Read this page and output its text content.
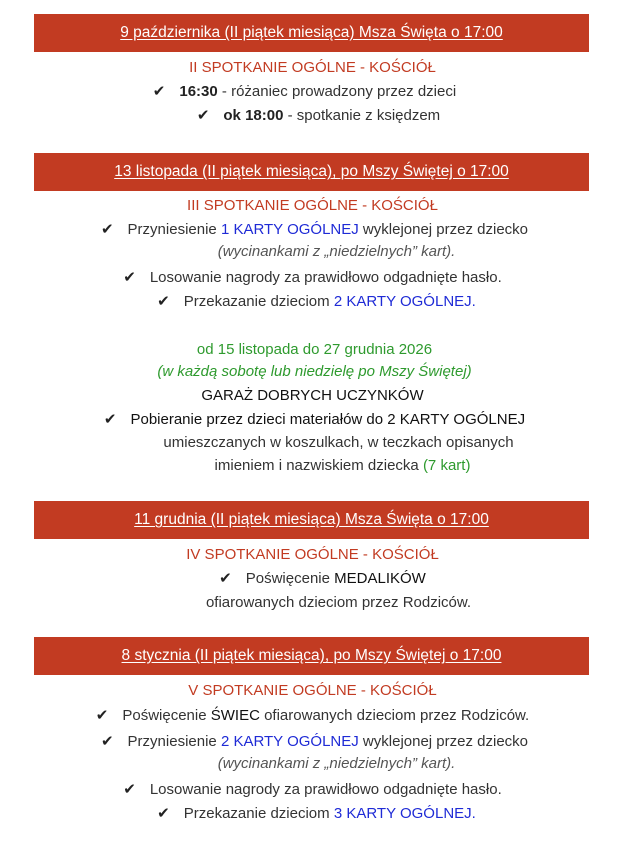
9 października (II piątek miesiąca) Msza Święta o 17:00
II SPOTKANIE OGÓLNE - KOŚCIÓŁ
✔ 16:30 - różaniec prowadzony przez dzieci
✔ ok 18:00 - spotkanie z księdzem
13 listopada (II piątek miesiąca), po Mszy Świętej o 17:00
III SPOTKANIE OGÓLNE - KOŚCIÓŁ
✔ Przyniesienie 1 KARTY OGÓLNEJ wyklejonej przez dziecko
(wycinankami z „niedzielnych” kart).
✔ Losowanie nagrody za prawidłowo odgadnięte hasło.
✔ Przekazanie dzieciom 2 KARTY OGÓLNEJ.
od 15 listopada do 27 grudnia 2026
(w każdą sobotę lub niedzielę po Mszy Świętej)
GARAŻ DOBRYCH UCZYNKÓW
✔ Pobieranie przez dzieci materiałów do 2 KARTY OGÓLNEJ
umieszczanych w koszulkach, w teczkach opisanych
imieniem i nazwiskiem dziecka (7 kart)
11 grudnia (II piątek miesiąca) Msza Święta o 17:00
IV SPOTKANIE OGÓLNE - KOŚCIÓŁ
✔ Poświęcenie MEDALIKÓW
ofiarowanych dzieciom przez Rodziców.
8 stycznia (II piątek miesiąca), po Mszy Świętej o 17:00
V SPOTKANIE OGÓLNE - KOŚCIÓŁ
✔ Poświęcenie ŚWIEC ofiarowanych dzieciom przez Rodziców.
✔ Przyniesienie 2 KARTY OGÓLNEJ wyklejonej przez dziecko
(wycinankami z „niedzielnych” kart).
✔ Losowanie nagrody za prawidłowo odgadnięte hasło.
✔ Przekazanie dzieciom 3 KARTY OGÓLNEJ.
